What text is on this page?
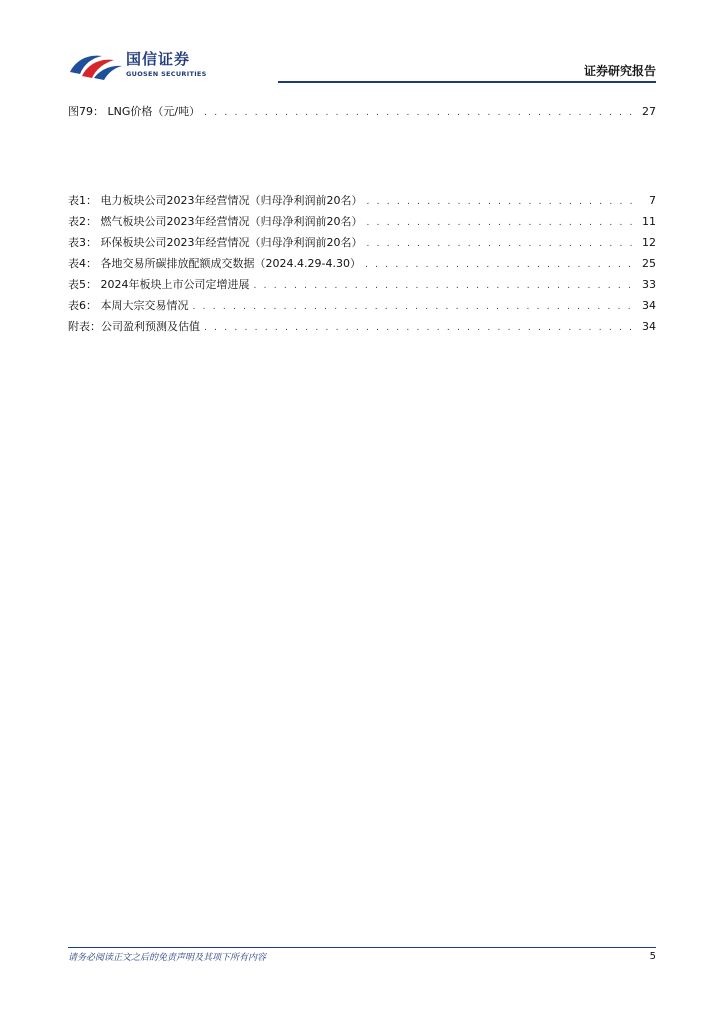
国信证券
GUOSEN SECURITIES	证券研究报告
图79： LNG价格（元/吨） . . .	27
表1： 电力板块公司2023年经营情况（归母净利润前20名） . . .	7
表2： 燃气板块公司2023年经营情况（归母净利润前20名） . . .	11
表3： 环保板块公司2023年经营情况（归母净利润前20名） . . .	12
表4： 各地交易所碳排放配额成交数据（2024.4.29-4.30） . . .	25
表5： 2024年板块上市公司定增进展 . . .	33
表6： 本周大宗交易情况 . . .	34
附表：公司盈利预测及估值 . . .	34
请务必阅读正文之后的免责声明及其项下所有内容	5
